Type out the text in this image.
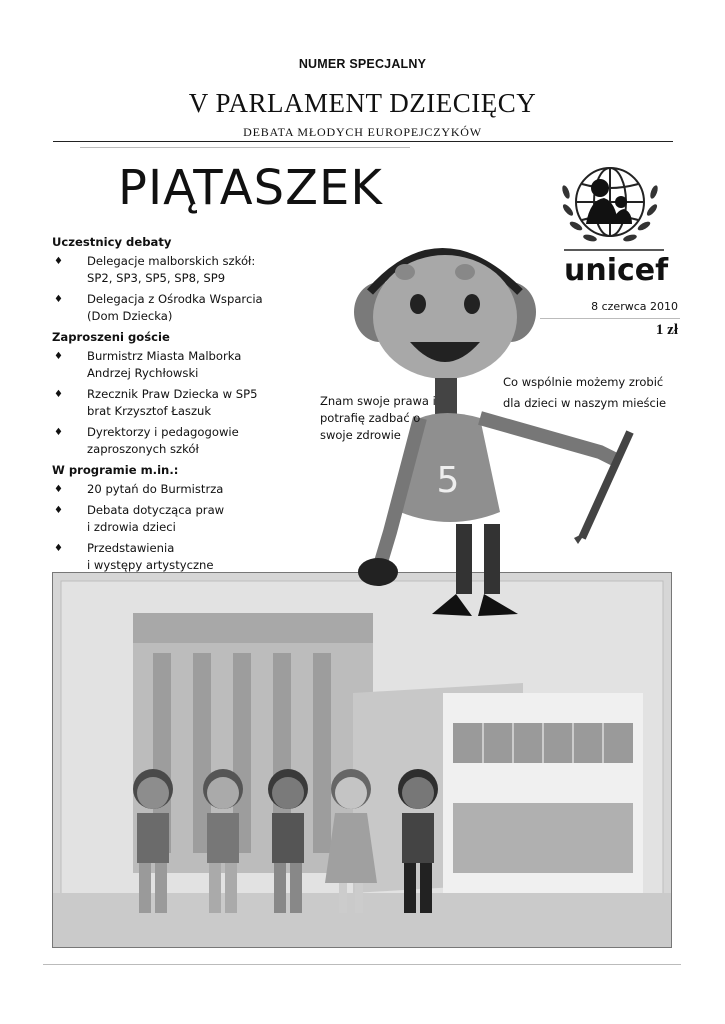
NUMER SPECJALNY
V PARLAMENT DZIECIĘCY
DEBATA MŁODYCH EUROPEJCZYKÓW
PIĄTASZEK
unicef
8 czerwca 2010
1 zł
5
Uczestnicy debaty
♦ Delegacje malborskich szkół:
SP2, SP3, SP5, SP8, SP9
♦ Delegacja z Ośrodka Wsparcia
(Dom Dziecka)
Zaproszeni goście
♦ Burmistrz Miasta Malborka
Andrzej Rychłowski
♦ Rzecznik Praw Dziecka w SP5
brat Krzysztof Łaszuk
♦ Dyrektorzy i pedagogowie
zaproszonych szkół
W programie m.in.:
♦ 20 pytań do Burmistrza
♦ Debata dotycząca praw
i zdrowia dzieci
♦ Przedstawienia
i występy artystyczne
Znam swoje prawa i
potrafię zadbać o
swoje zdrowie
Co wspólnie możemy zrobić
dla dzieci w naszym mieście
